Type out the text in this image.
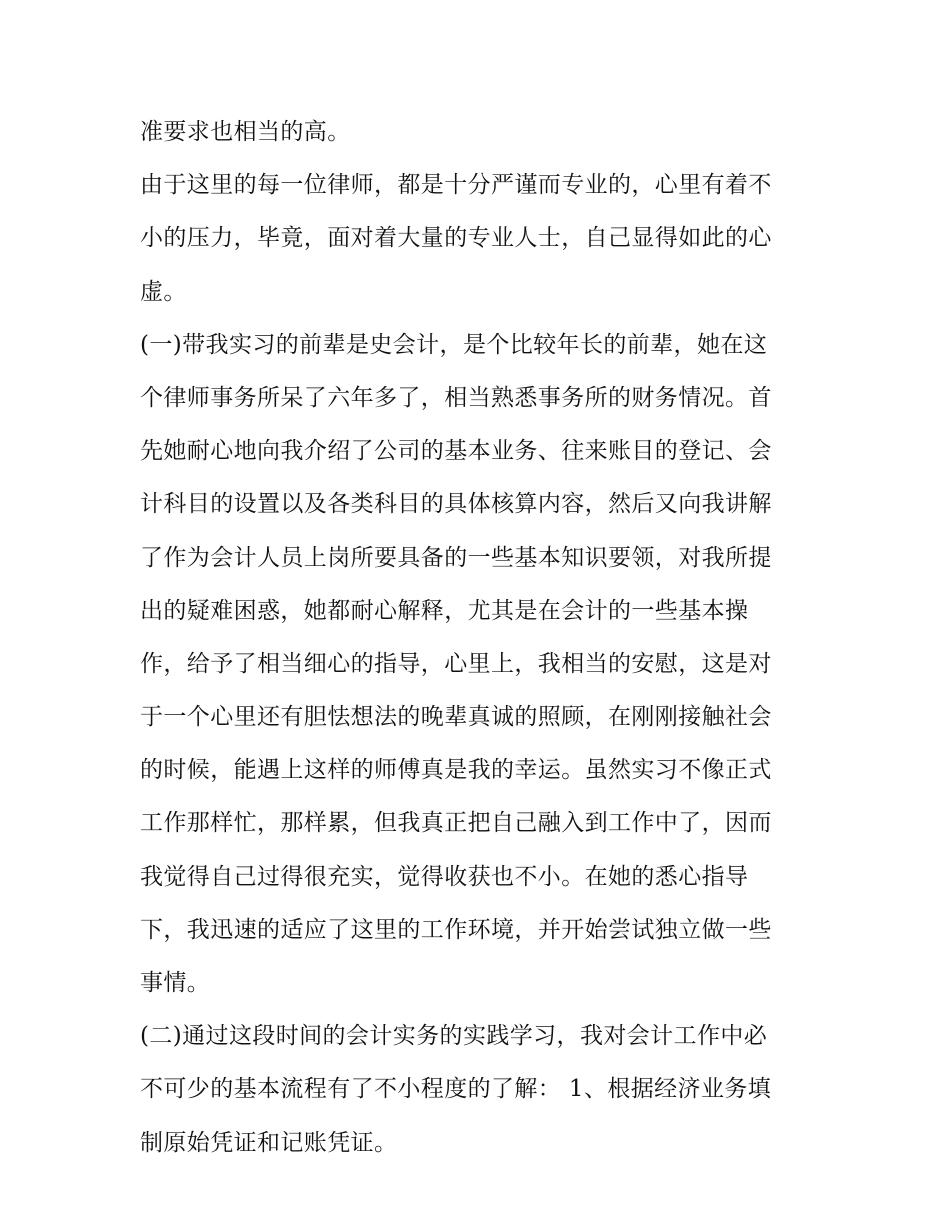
准要求也相当的高。
由于这里的每一位律师，都是十分严谨而专业的，心里有着不
小的压力，毕竟，面对着大量的专业人士，自己显得如此的心
虚。
(一)带我实习的前辈是史会计，是个比较年长的前辈，她在这
个律师事务所呆了六年多了，相当熟悉事务所的财务情况。首
先她耐心地向我介绍了公司的基本业务、往来账目的登记、会
计科目的设置以及各类科目的具体核算内容，然后又向我讲解
了作为会计人员上岗所要具备的一些基本知识要领，对我所提
出的疑难困惑，她都耐心解释，尤其是在会计的一些基本操
作，给予了相当细心的指导，心里上，我相当的安慰，这是对
于一个心里还有胆怯想法的晚辈真诚的照顾，在刚刚接触社会
的时候，能遇上这样的师傅真是我的幸运。虽然实习不像正式
工作那样忙，那样累，但我真正把自己融入到工作中了，因而
我觉得自己过得很充实，觉得收获也不小。在她的悉心指导
下，我迅速的适应了这里的工作环境，并开始尝试独立做一些
事情。
(二)通过这段时间的会计实务的实践学习，我对会计工作中必
不可少的基本流程有了不小程度的了解： 1、根据经济业务填
制原始凭证和记账凭证。
